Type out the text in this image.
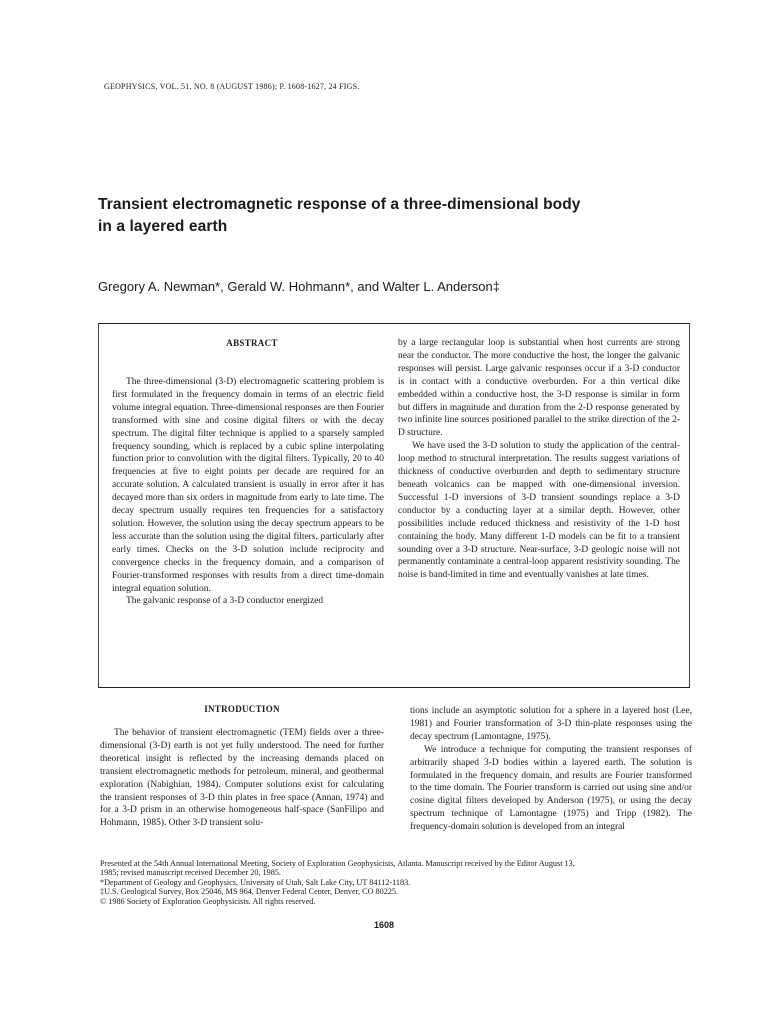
GEOPHYSICS, VOL. 51, NO. 8 (AUGUST 1986); P. 1608-1627, 24 FIGS.
Transient electromagnetic response of a three-dimensional body
in a layered earth
Gregory A. Newman*, Gerald W. Hohmann*, and Walter L. Anderson‡
ABSTRACT

The three-dimensional (3-D) electromagnetic scattering problem is first formulated in the frequency domain in terms of an electric field volume integral equation. Three-dimensional responses are then Fourier transformed with sine and cosine digital filters or with the decay spectrum. The digital filter technique is applied to a sparsely sampled frequency sounding, which is replaced by a cubic spline interpolating function prior to convolution with the digital filters. Typically, 20 to 40 frequencies at five to eight points per decade are required for an accurate solution. A calculated transient is usually in error after it has decayed more than six orders in magnitude from early to late time. The decay spectrum usually requires ten frequencies for a satisfactory solution. However, the solution using the decay spectrum appears to be less accurate than the solution using the digital filters, particularly after early times. Checks on the 3-D solution include reciprocity and convergence checks in the frequency domain, and a comparison of Fourier-transformed responses with results from a direct time-domain integral equation solution.

The galvanic response of a 3-D conductor energized

by a large rectangular loop is substantial when host currents are strong near the conductor. The more conductive the host, the longer the galvanic responses will persist. Large galvanic responses occur if a 3-D conductor is in contact with a conductive overburden. For a thin vertical dike embedded within a conductive host, the 3-D response is similar in form but differs in magnitude and duration from the 2-D response generated by two infinite line sources positioned parallel to the strike direction of the 2-D structure.

We have used the 3-D solution to study the application of the central-loop method to structural interpretation. The results suggest variations of thickness of conductive overburden and depth to sedimentary structure beneath volcanics can be mapped with one-dimensional inversion. Successful 1-D inversions of 3-D transient soundings replace a 3-D conductor by a conducting layer at a similar depth. However, other possibilities include reduced thickness and resistivity of the 1-D host containing the body. Many different 1-D models can be fit to a transient sounding over a 3-D structure. Near-surface, 3-D geologic noise will not permanently contaminate a central-loop apparent resistivity sounding. The noise is band-limited in time and eventually vanishes at late times.

INTRODUCTION

The behavior of transient electromagnetic (TEM) fields over a three-dimensional (3-D) earth is not yet fully understood. The need for further theoretical insight is reflected by the increasing demands placed on transient electromagnetic methods for petroleum, mineral, and geothermal exploration (Nabighian, 1984). Computer solutions exist for calculating the transient responses of 3-D thin plates in free space (Annan, 1974) and for a 3-D prism in an otherwise homogeneous half-space (SanFilipo and Hohmann, 1985). Other 3-D transient solu-

tions include an asymptotic solution for a sphere in a layered host (Lee, 1981) and Fourier transformation of 3-D thin-plate responses using the decay spectrum (Lamontagne, 1975).

We introduce a technique for computing the transient responses of arbitrarily shaped 3-D bodies within a layered earth. The solution is formulated in the frequency domain, and results are Fourier transformed to the time domain. The Fourier transform is carried out using sine and/or cosine digital filters developed by Anderson (1975), or using the decay spectrum technique of Lamontagne (1975) and Tripp (1982). The frequency-domain solution is developed from an integral

Presented at the 54th Annual International Meeting, Society of Exploration Geophysicists, Atlanta. Manuscript received by the Editor August 13,
1985; revised manuscript received December 20, 1985.
*Department of Geology and Geophysics, University of Utah, Salt Lake City, UT 84112-1183.
‡U.S. Geological Survey, Box 25046, MS 964, Denver Federal Center, Denver, CO 80225.
© 1986 Society of Exploration Geophysicists. All rights reserved.
1608
